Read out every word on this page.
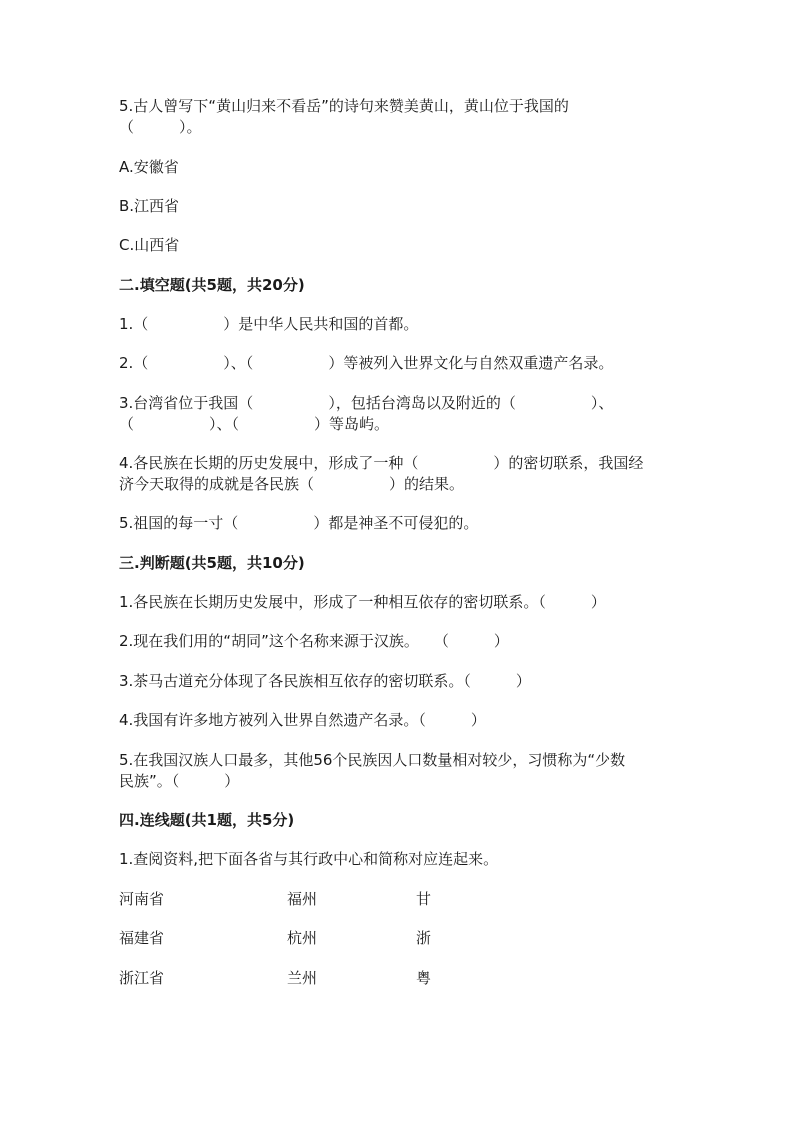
5.古人曾写下“黄山归来不看岳”的诗句来赞美黄山，黄山位于我国的
（　　　）。
A.安徽省
B.江西省
C.山西省
二.填空题(共5题，共20分)
1.（　　　　　）是中华人民共和国的首都。
2.（　　　　　）、（　　　　　）等被列入世界文化与自然双重遗产名录。
3.台湾省位于我国（　　　　　），包括台湾岛以及附近的（　　　　　）、
（　　　　　）、（　　　　　）等岛屿。
4.各民族在长期的历史发展中，形成了一种（　　　　　）的密切联系，我国经
济今天取得的成就是各民族（　　　　　）的结果。
5.祖国的每一寸（　　　　　）都是神圣不可侵犯的。
三.判断题(共5题，共10分)
1.各民族在长期历史发展中，形成了一种相互依存的密切联系。（　　　）
2.现在我们用的“胡同”这个名称来源于汉族。　　（　　　）
3.茶马古道充分体现了各民族相互依存的密切联系。（　　　）
4.我国有许多地方被列入世界自然遗产名录。（　　　）
5.在我国汉族人口最多，其他56个民族因人口数量相对较少，习惯称为“少数
民族”。（　　　）
四.连线题(共1题，共5分)
1.查阅资料,把下面各省与其行政中心和简称对应连起来。
河南省	福州	甘
福建省	杭州	浙
浙江省	兰州	粤
